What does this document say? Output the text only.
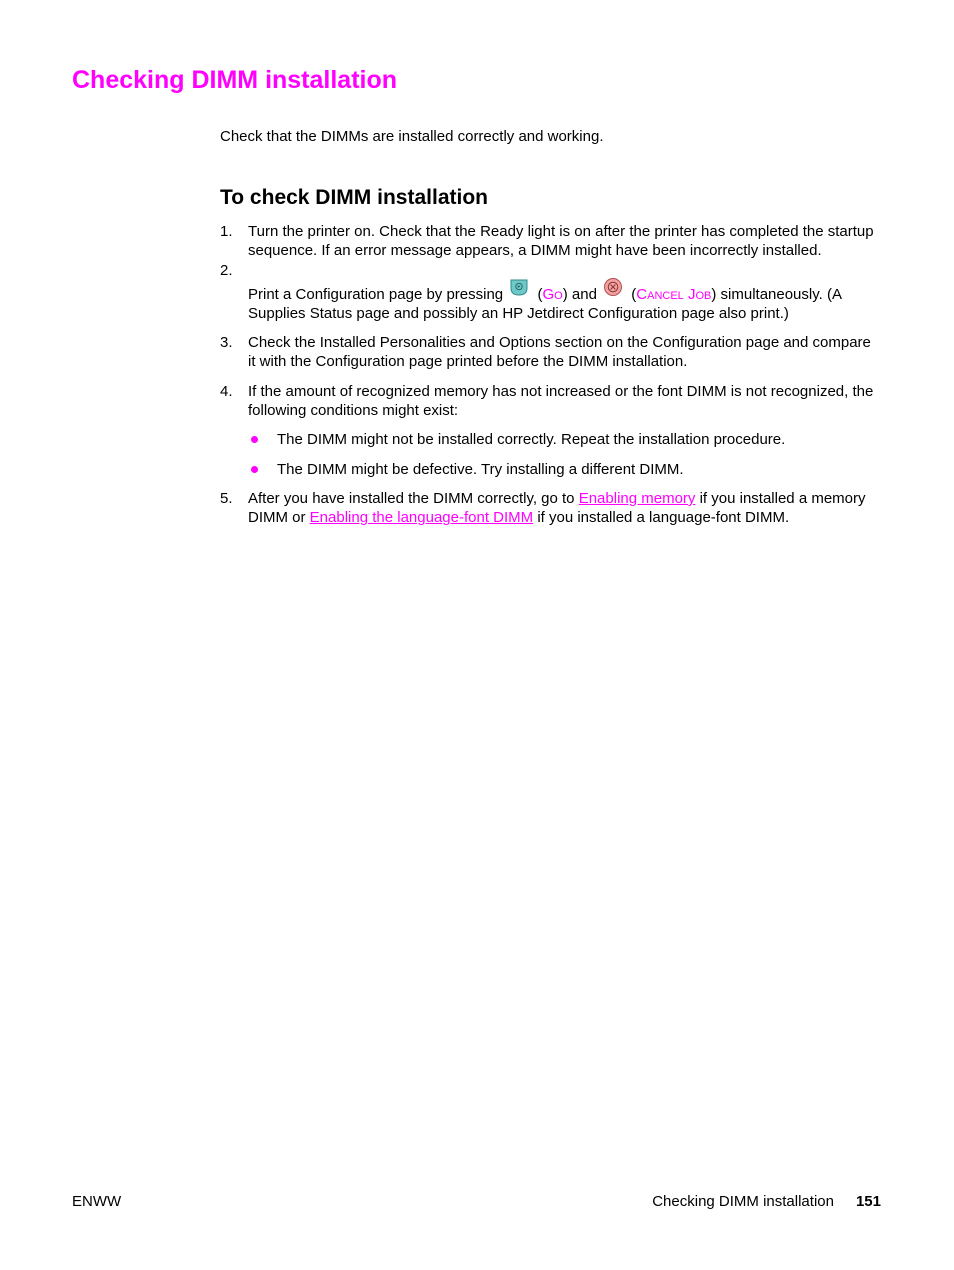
Checking DIMM installation

Check that the DIMMs are installed correctly and working.

To check DIMM installation
1. Turn the printer on. Check that the Ready light is on after the printer has completed the startup sequence. If an error message appears, a DIMM might have been incorrectly installed.
2.
Print a Configuration page by pressing (Go) and (Cancel Job) simultaneously. (A Supplies Status page and possibly an HP Jetdirect Configuration page also print.)
3. Check the Installed Personalities and Options section on the Configuration page and compare it with the Configuration page printed before the DIMM installation.
4. If the amount of recognized memory has not increased or the font DIMM is not recognized, the following conditions might exist:
The DIMM might not be installed correctly. Repeat the installation procedure.
The DIMM might be defective. Try installing a different DIMM.
5. After you have installed the DIMM correctly, go to Enabling memory if you installed a memory DIMM or Enabling the language-font DIMM if you installed a language-font DIMM.
ENWW	Checking DIMM installation 151
